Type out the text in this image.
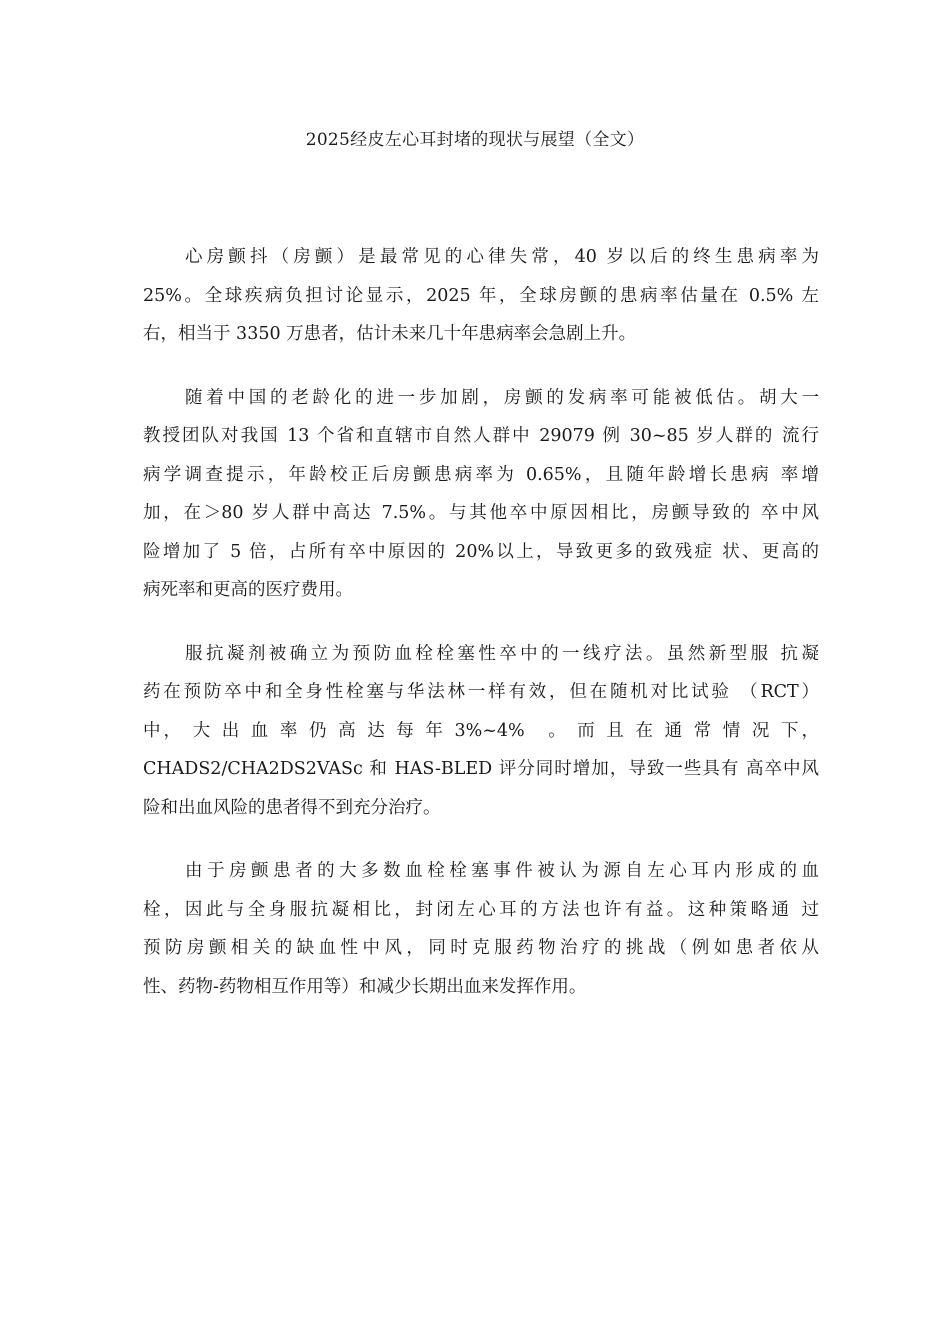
2025经皮左心耳封堵的现状与展望（全文）

心房颤抖（房颤）是最常见的心律失常，40 岁以后的终生患病率为
25%。全球疾病负担讨论显示，2025 年，全球房颤的患病率估量在 0.5% 左
右，相当于 3350 万患者，估计未来几十年患病率会急剧上升。

随着中国的老龄化的进一步加剧，房颤的发病率可能被低估。胡大一
教授团队对我国 13 个省和直辖市自然人群中 29079 例 30~85 岁人群的 流行
病学调查提示，年龄校正后房颤患病率为 0.65%，且随年龄增长患病 率增
加，在＞80 岁人群中高达 7.5%。与其他卒中原因相比，房颤导致的 卒中风
险增加了 5 倍，占所有卒中原因的 20%以上，导致更多的致残症 状、更高的
病死率和更高的医疗费用。

服抗凝剂被确立为预防血栓栓塞性卒中的一线疗法。虽然新型服 抗凝
药在预防卒中和全身性栓塞与华法林一样有效，但在随机对比试验 （RCT）
中， 大 出 血 率 仍 高 达 每 年 3%~4%　。 而 且 在 通 常 情 况 下，
CHADS2/CHA2DS2VASc 和 HAS-BLED 评分同时增加，导致一些具有 高卒中风
险和出血风险的患者得不到充分治疗。

由于房颤患者的大多数血栓栓塞事件被认为源自左心耳内形成的血
栓，因此与全身服抗凝相比，封闭左心耳的方法也许有益。这种策略通 过
预防房颤相关的缺血性中风，同时克服药物治疗的挑战（例如患者依从
性、药物-药物相互作用等）和减少长期出血来发挥作用。
